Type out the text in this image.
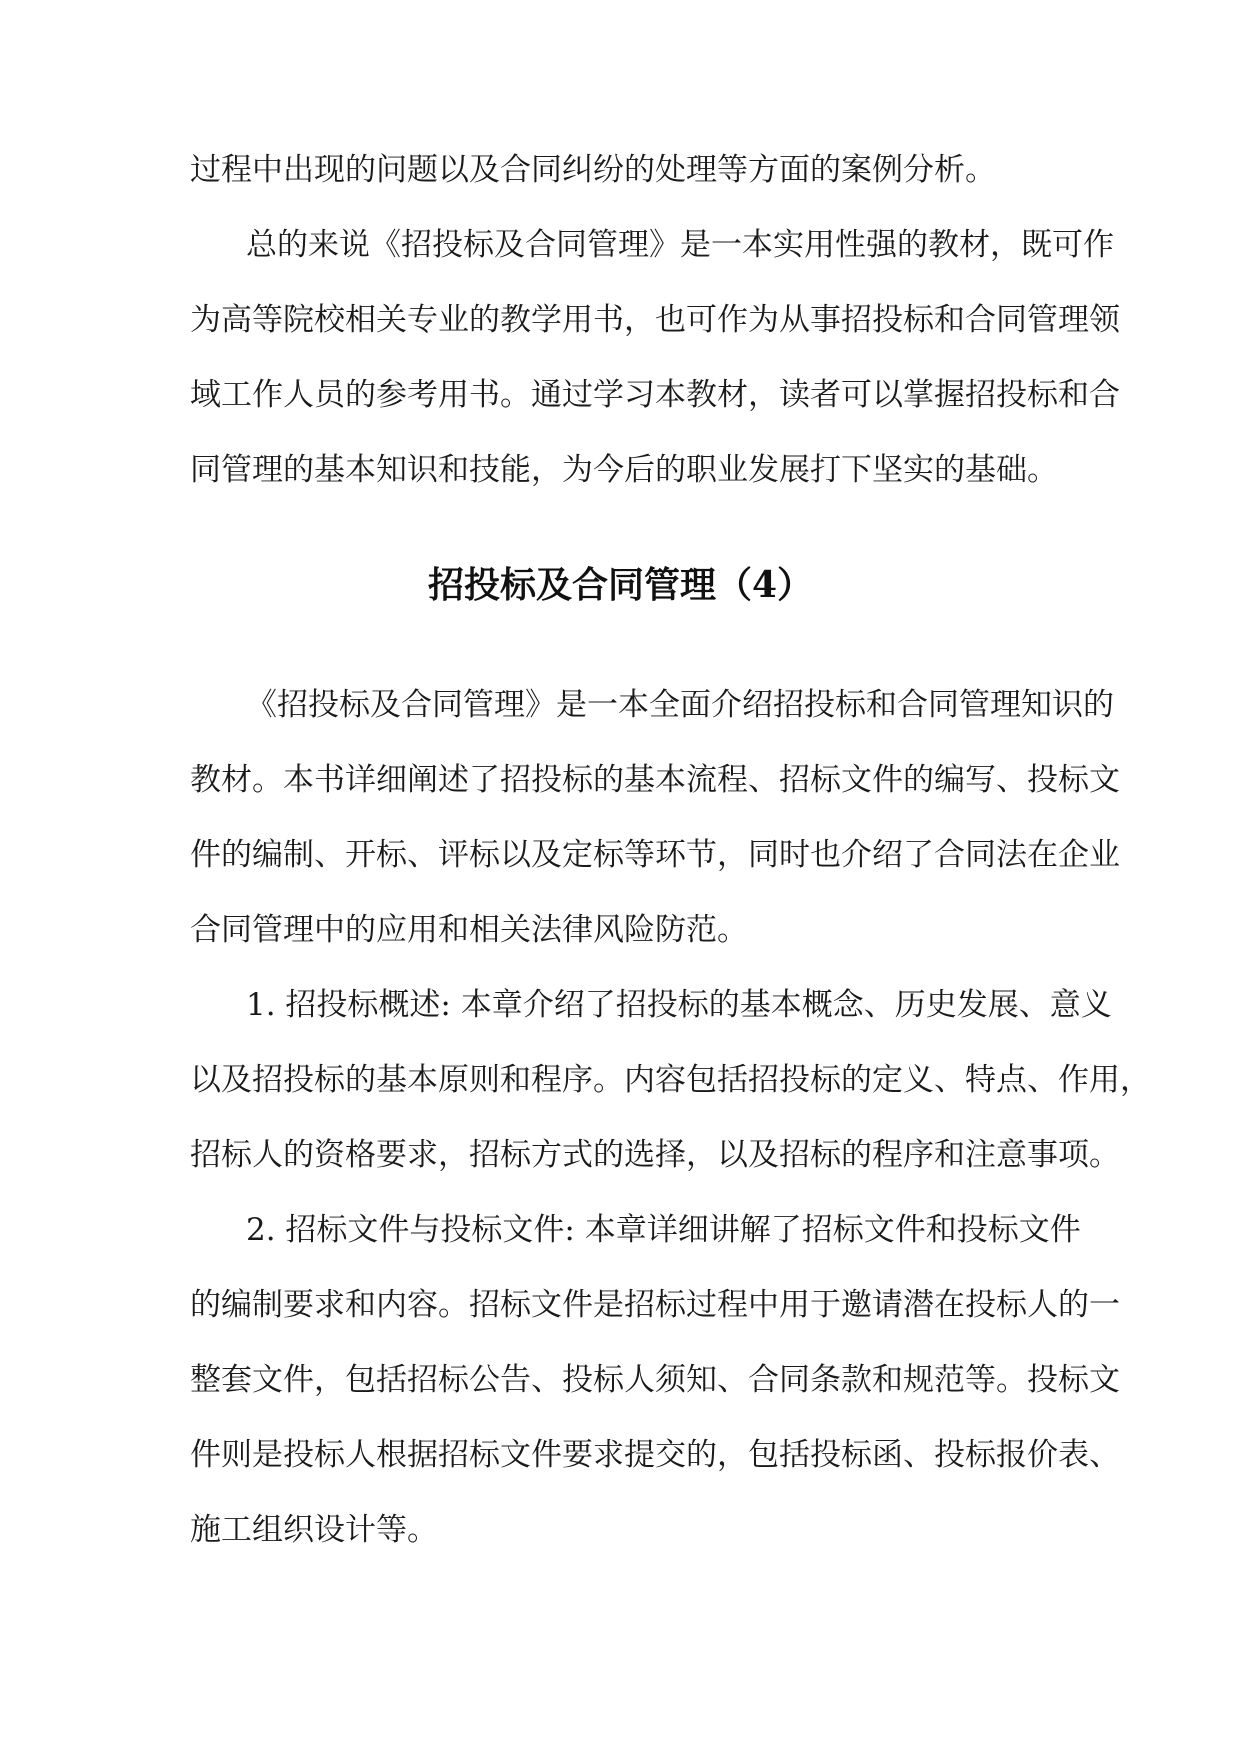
过程中出现的问题以及合同纠纷的处理等方面的案例分析。

总的来说《招投标及合同管理》是一本实用性强的教材，既可作

为高等院校相关专业的教学用书，也可作为从事招投标和合同管理领

域工作人员的参考用书。通过学习本教材，读者可以掌握招投标和合

同管理的基本知识和技能，为今后的职业发展打下坚实的基础。

招投标及合同管理（4）

《招投标及合同管理》是一本全面介绍招投标和合同管理知识的

教材。本书详细阐述了招投标的基本流程、招标文件的编写、投标文

件的编制、开标、评标以及定标等环节，同时也介绍了合同法在企业

合同管理中的应用和相关法律风险防范。

1. 招投标概述: 本章介绍了招投标的基本概念、历史发展、意义

以及招投标的基本原则和程序。内容包括招投标的定义、特点、作用，

招标人的资格要求，招标方式的选择，以及招标的程序和注意事项。

2. 招标文件与投标文件: 本章详细讲解了招标文件和投标文件

的编制要求和内容。招标文件是招标过程中用于邀请潜在投标人的一

整套文件，包括招标公告、投标人须知、合同条款和规范等。投标文

件则是投标人根据招标文件要求提交的，包括投标函、投标报价表、

施工组织设计等。
